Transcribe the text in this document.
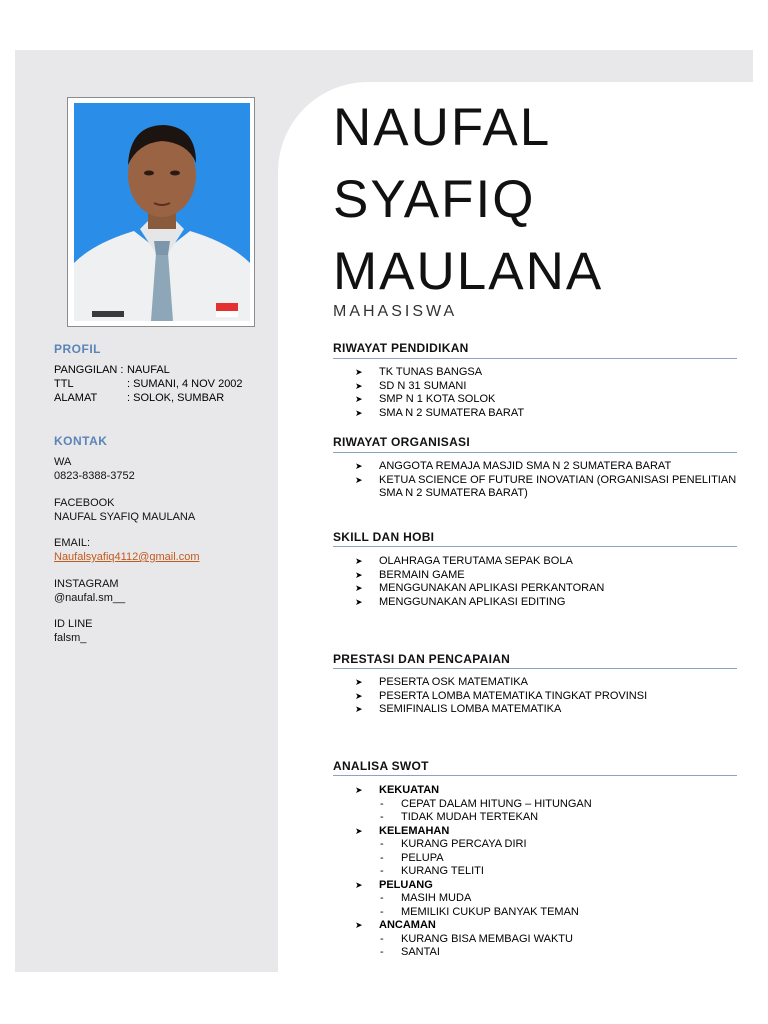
NAUFAL
SYAFIQ
MAULANA
MAHASISWA
PROFIL
PANGGILAN : NAUFAL
TTL	: SUMANI, 4 NOV 2002
ALAMAT	: SOLOK, SUMBAR
KONTAK
WA
0823-8388-3752
FACEBOOK
NAUFAL SYAFIQ MAULANA
EMAIL:
Naufalsyafiq4112@gmail.com
INSTAGRAM
@naufal.sm__
ID LINE
falsm_
RIWAYAT PENDIDIKAN
➤ TK TUNAS BANGSA
➤ SD N 31 SUMANI
➤ SMP N 1 KOTA SOLOK
➤ SMA N 2 SUMATERA BARAT
RIWAYAT ORGANISASI
➤ ANGGOTA REMAJA MASJID SMA N 2 SUMATERA BARAT
➤ KETUA SCIENCE OF FUTURE INOVATIAN (ORGANISASI PENELITIAN SMA N 2 SUMATERA BARAT)
SKILL DAN HOBI
➤ OLAHRAGA TERUTAMA SEPAK BOLA
➤ BERMAIN GAME
➤ MENGGUNAKAN APLIKASI PERKANTORAN
➤ MENGGUNAKAN APLIKASI EDITING
PRESTASI DAN PENCAPAIAN
➤ PESERTA OSK MATEMATIKA
➤ PESERTA LOMBA MATEMATIKA TINGKAT PROVINSI
➤ SEMIFINALIS LOMBA MATEMATIKA
ANALISA SWOT
➤ KEKUATAN
- CEPAT DALAM HITUNG – HITUNGAN
- TIDAK MUDAH TERTEKAN
➤ KELEMAHAN
- KURANG PERCAYA DIRI
- PELUPA
- KURANG TELITI
➤ PELUANG
- MASIH MUDA
- MEMILIKI CUKUP BANYAK TEMAN
➤ ANCAMAN
- KURANG BISA MEMBAGI WAKTU
- SANTAI
